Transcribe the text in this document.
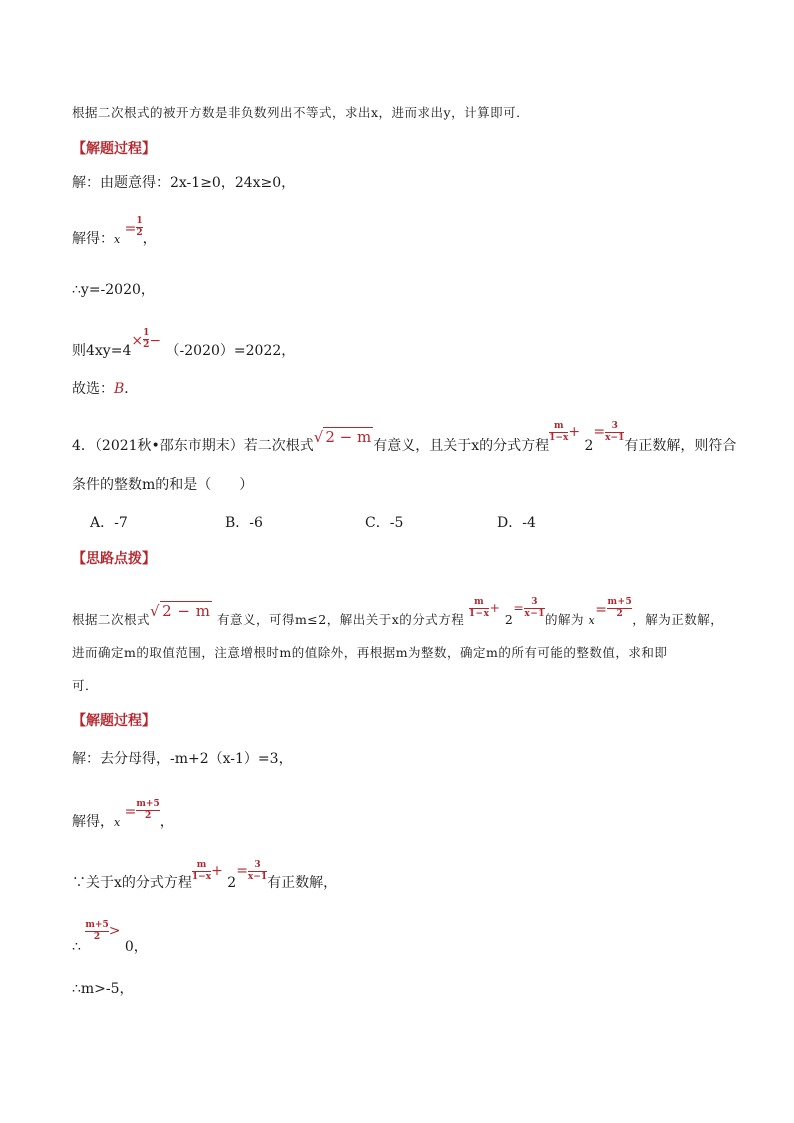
根据二次根式的被开方数是非负数列出不等式，求出x，进而求出y，计算即可．
【解题过程】
解：由题意得：2x-1≥0，24x≥0，
解得：$x = \frac{1}{2}$
，
∴y=-2020，
则$4xy=4\times \frac{1}{2} - (-2020)=2022$，
故选：B．
4．（2021秋•邵东市期末）若二次根式√ 2 − m 有意义，且关于x的分式方程
$\frac{m}{1-x} + 2= \frac{3}{x-1}$
有正数解，则符合
条件的整数m的和是（　　）
A．-7	B．-6	C．-5	D．-4
【思路点拨】
根据二次根式√ 2 − m 有意义，可得m≤2，解出关于x的分式方程
$\frac{m}{1-x} + 2= \frac{3}{x-1}$
的解为 $x= \frac{m+5}{2}$
，解为正数解，
进而确定m的取值范围，注意增根时m的值除外，再根据m为整数，确定m的所有可能的整数值，求和即
可．
【解题过程】
解：去分母得，-m+2（x-1）=3，
解得，$x = \frac{m+5}{2}$
，
∵关于x的分式方程
$\frac{m}{1-x} + 2= \frac{3}{x-1}$
有正数解，
∴
$\frac{m+5}{2} > 0$，
∴m>-5，
